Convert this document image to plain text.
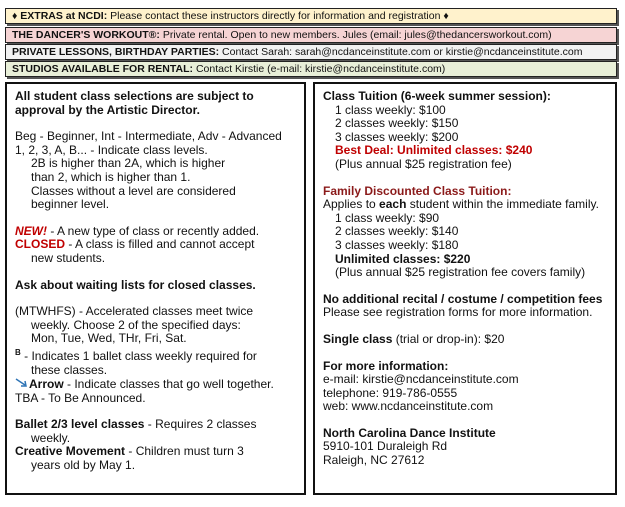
♦ EXTRAS at NCDI: Please contact these instructors directly for information and registration ♦
THE DANCER'S WORKOUT®: Private rental. Open to new members. Jules (email: jules@thedancersworkout.com)
PRIVATE LESSONS, BIRTHDAY PARTIES: Contact Sarah: sarah@ncdanceinstitute.com or kirstie@ncdanceinstitute.com
STUDIOS AVAILABLE FOR RENTAL: Contact Kirstie (e-mail: kirstie@ncdanceinstitute.com)

All student class selections are subject to

approval by the Artistic Director.

Beg - Beginner, Int - Intermediate, Adv - Advanced

1, 2, 3, A, B... - Indicate class levels.

2B is higher than 2A, which is higher

than 2, which is higher than 1.

Classes without a level are considered

beginner level.

NEW! - A new type of class or recently added.

CLOSED - A class is filled and cannot accept

new students.

Ask about waiting lists for closed classes.

(MTWHFS) - Accelerated classes meet twice

weekly. Choose 2 of the specified days:

Mon, Tue, Wed, THr, Fri, Sat.

$^B$ - Indicates 1 ballet class weekly required for

these classes.

Arrow - Indicate classes that go well together.

TBA - To Be Announced.

Ballet 2/3 level classes - Requires 2 classes

weekly.

Creative Movement - Children must turn 3

years old by May 1.

Class Tuition (6-week summer session):

1 class weekly: $100

2 classes weekly: $150

3 classes weekly: $200

Best Deal: Unlimited classes: $240

(Plus annual $25 registration fee)

Family Discounted Class Tuition:

Applies to each student within the immediate family.

1 class weekly: $90

2 classes weekly: $140

3 classes weekly: $180

Unlimited classes: $220

(Plus annual $25 registration fee covers family)

No additional recital / costume / competition fees

Please see registration forms for more information.

Single class (trial or drop-in): $20

For more information:

e-mail: kirstie@ncdanceinstitute.com

telephone: 919-786-0555

web: www.ncdanceinstitute.com

North Carolina Dance Institute

5910-101 Duraleigh Rd

Raleigh, NC 27612
